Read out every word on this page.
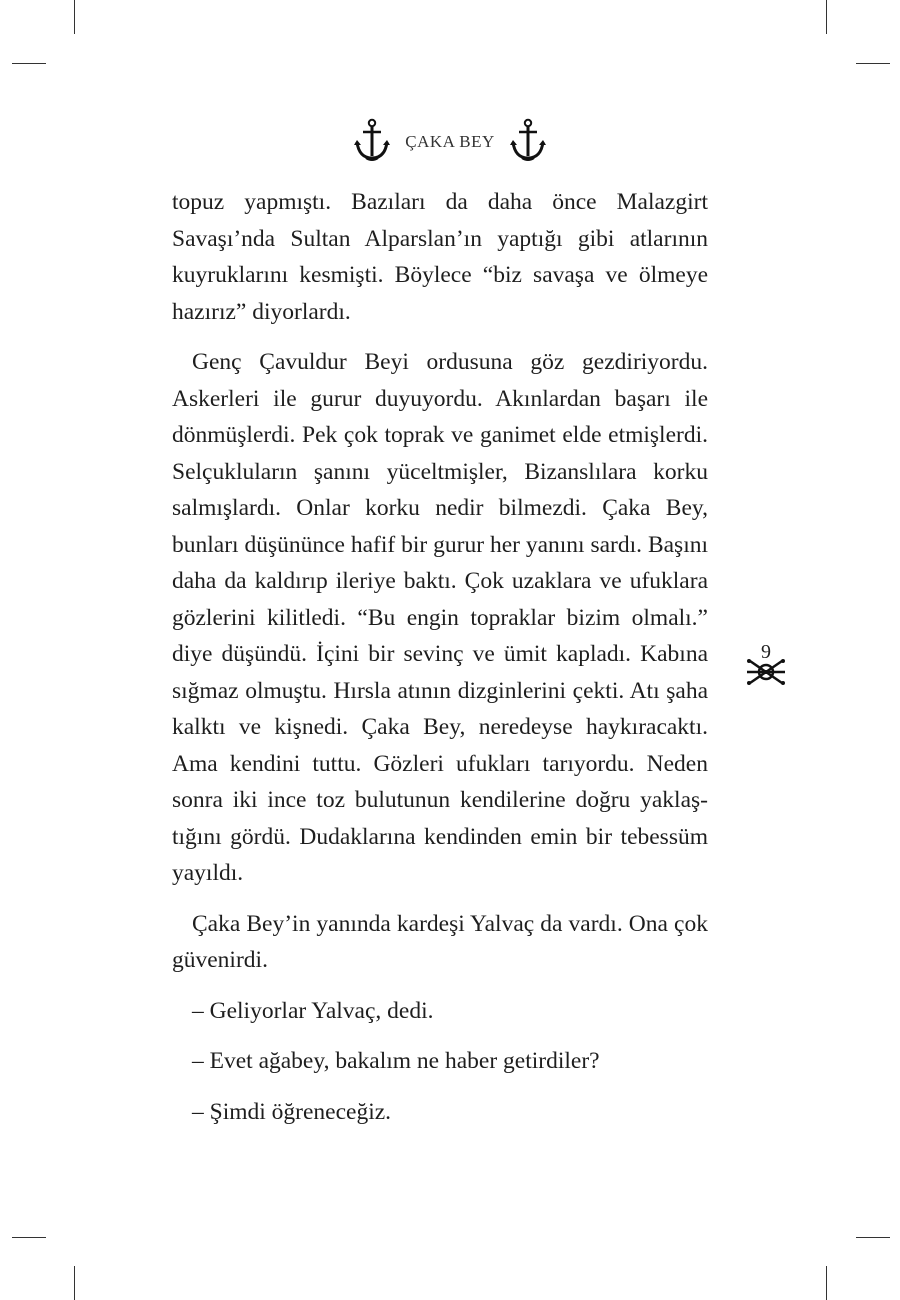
ÇAKA BEY

topuz yapmıştı. Bazıları da daha önce Malazgirt Savaşı’nda Sultan Alparslan’ın yaptığı gibi atlarının kuyruklarını kesmişti. Böylece “biz savaşa ve ölmeye hazırız” diyorlardı.

Genç Çavuldur Beyi ordusuna göz gezdiriyordu. Askerleri ile gurur duyuyordu. Akınlardan başarı ile dönmüşlerdi. Pek çok toprak ve ganimet elde etmişlerdi. Selçukluların şanını yüceltmişler, Bizanslılara korku salmışlardı. Onlar korku nedir bilmezdi. Çaka Bey, bunları düşününce hafif bir gurur her yanını sardı. Başını daha da kaldırıp ileriye baktı. Çok uzaklara ve ufuklara gözlerini kilitledi. “Bu engin topraklar bizim olmalı.” diye düşündü. İçini bir sevinç ve ümit kapladı. Kabına sığmaz olmuştu. Hırsla atının dizginlerini çekti. Atı şaha kalktı ve kişnedi. Çaka Bey, neredeyse haykıracaktı. Ama kendini tuttu. Gözleri ufukları tarıyordu. Neden sonra iki ince toz bulutunun kendilerine doğru yaklaştığını gördü. Dudaklarına kendinden emin bir tebessüm yayıldı.

Çaka Bey’in yanında kardeşi Yalvaç da vardı. Ona çok güvenirdi.

– Geliyorlar Yalvaç, dedi.

– Evet ağabey, bakalım ne haber getirdiler?

– Şimdi öğreneceğiz.

9
